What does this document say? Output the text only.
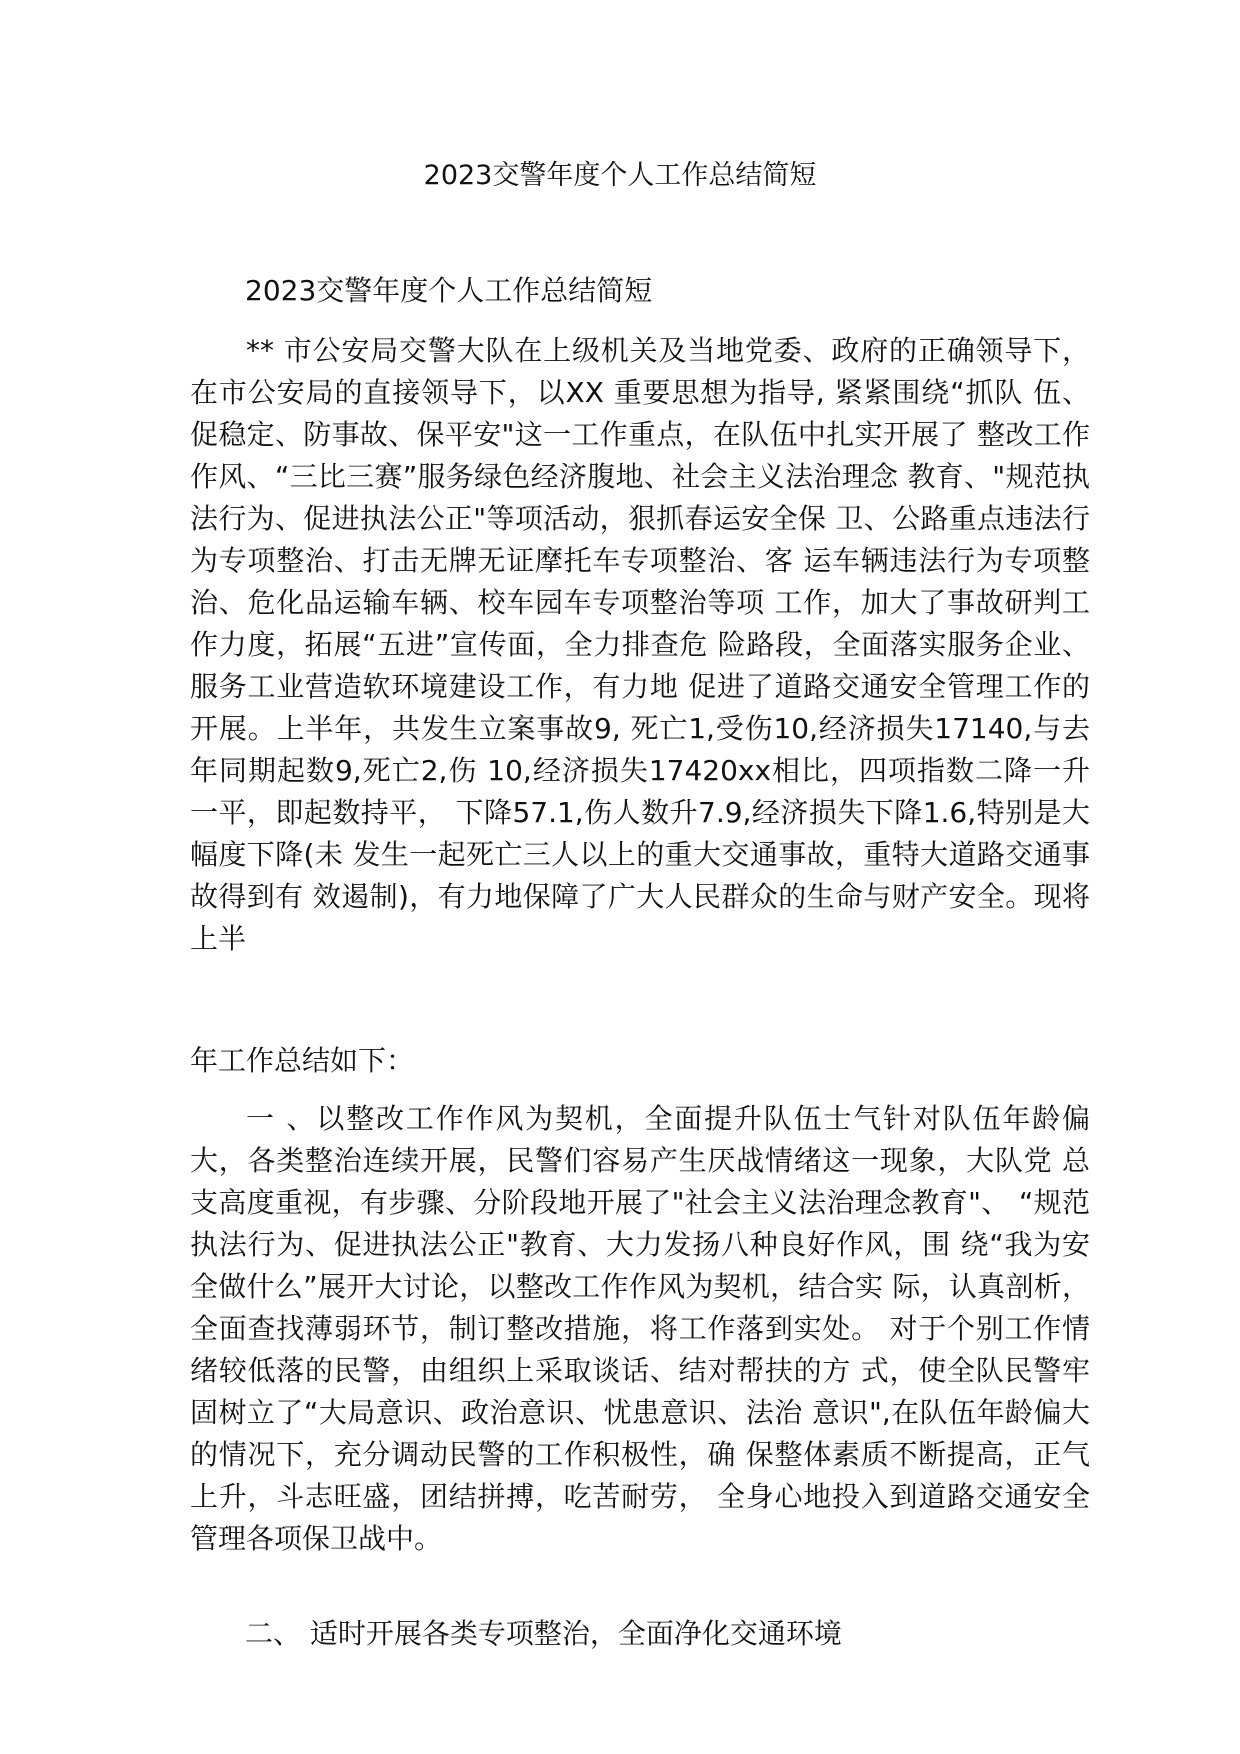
2023交警年度个人工作总结简短
2023交警年度个人工作总结简短

** 市公安局交警大队在上级机关及当地党委、政府的正确领导下， 在市公安局的直接领导下，以XX 重要思想为指导, 紧紧围绕“抓队 伍、促稳定、防事故、保平安"这一工作重点，在队伍中扎实开展了 整改工作作风、“三比三赛”服务绿色经济腹地、社会主义法治理念 教育、"规范执法行为、促进执法公正"等项活动，狠抓春运安全保 卫、公路重点违法行为专项整治、打击无牌无证摩托车专项整治、客 运车辆违法行为专项整治、危化品运输车辆、校车园车专项整治等项 工作，加大了事故研判工作力度，拓展“五进”宣传面，全力排查危 险路段，全面落实服务企业、服务工业营造软环境建设工作，有力地 促进了道路交通安全管理工作的开展。上半年，共发生立案事故9, 死亡1,受伤10,经济损失17140,与去年同期起数9,死亡2,伤 10,经济损失17420xx相比，四项指数二降一升一平，即起数持平， 下降57.1,伤人数升7.9,经济损失下降1.6,特别是大幅度下降(未 发生一起死亡三人以上的重大交通事故，重特大道路交通事故得到有 效遏制)，有力地保障了广大人民群众的生命与财产安全。现将上半

年工作总结如下：

一 、以整改工作作风为契机，全面提升队伍士气针对队伍年龄偏 大，各类整治连续开展，民警们容易产生厌战情绪这一现象，大队党 总支高度重视，有步骤、分阶段地开展了"社会主义法治理念教育"、 “规范执法行为、促进执法公正"教育、大力发扬八种良好作风，围 绕“我为安全做什么”展开大讨论，以整改工作作风为契机，结合实 际，认真剖析，全面查找薄弱环节，制订整改措施，将工作落到实处。 对于个别工作情绪较低落的民警，由组织上采取谈话、结对帮扶的方 式，使全队民警牢固树立了“大局意识、政治意识、忧患意识、法治 意识",在队伍年龄偏大的情况下，充分调动民警的工作积极性，确 保整体素质不断提高，正气上升，斗志旺盛，团结拼搏，吃苦耐劳， 全身心地投入到道路交通安全管理各项保卫战中。

二、 适时开展各类专项整治，全面净化交通环境
